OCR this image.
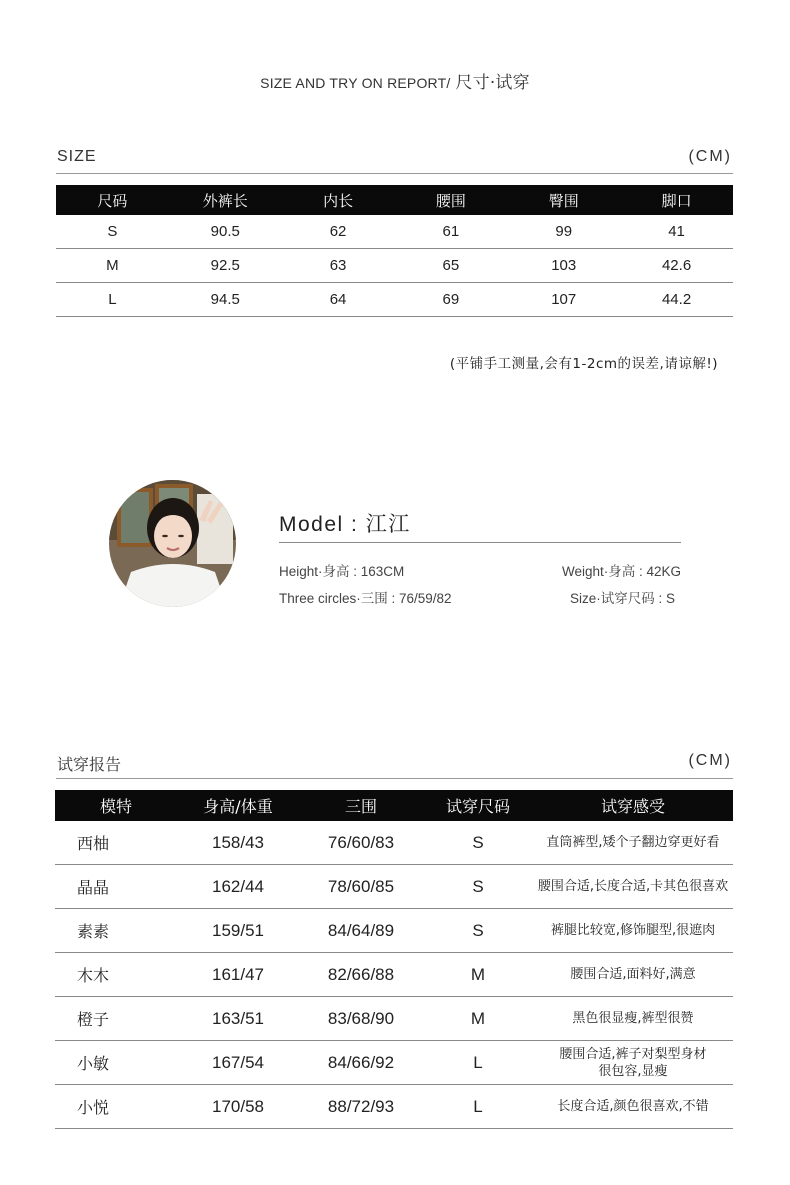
SIZE AND TRY ON REPORT/ 尺寸·试穿
SIZE	(CM)
尺码	外裤长	内长	腰围	臀围	脚口
S	90.5	62	61	99	41
M	92.5	63	65	103	42.6
L	94.5	64	69	107	44.2
(平铺手工测量,会有1-2cm的误差,请谅解!)
Model : 江江
Height·身高 : 163CM	Weight·身高 : 42KG
Three circles·三围 : 76/59/82	Size·试穿尺码 : S
试穿报告	(CM)
模特	身高/体重	三围	试穿尺码	试穿感受
西柚	158/43	76/60/83	S	直筒裤型,矮个子翻边穿更好看
晶晶	162/44	78/60/85	S	腰围合适,长度合适,卡其色很喜欢
素素	159/51	84/64/89	S	裤腿比较宽,修饰腿型,很遮肉
木木	161/47	82/66/88	M	腰围合适,面料好,满意
橙子	163/51	83/68/90	M	黑色很显瘦,裤型很赞
小敏	167/54	84/66/92	L	腰围合适,裤子对梨型身材
很包容,显瘦

小悦	170/58	88/72/93	L	长度合适,颜色很喜欢,不错
